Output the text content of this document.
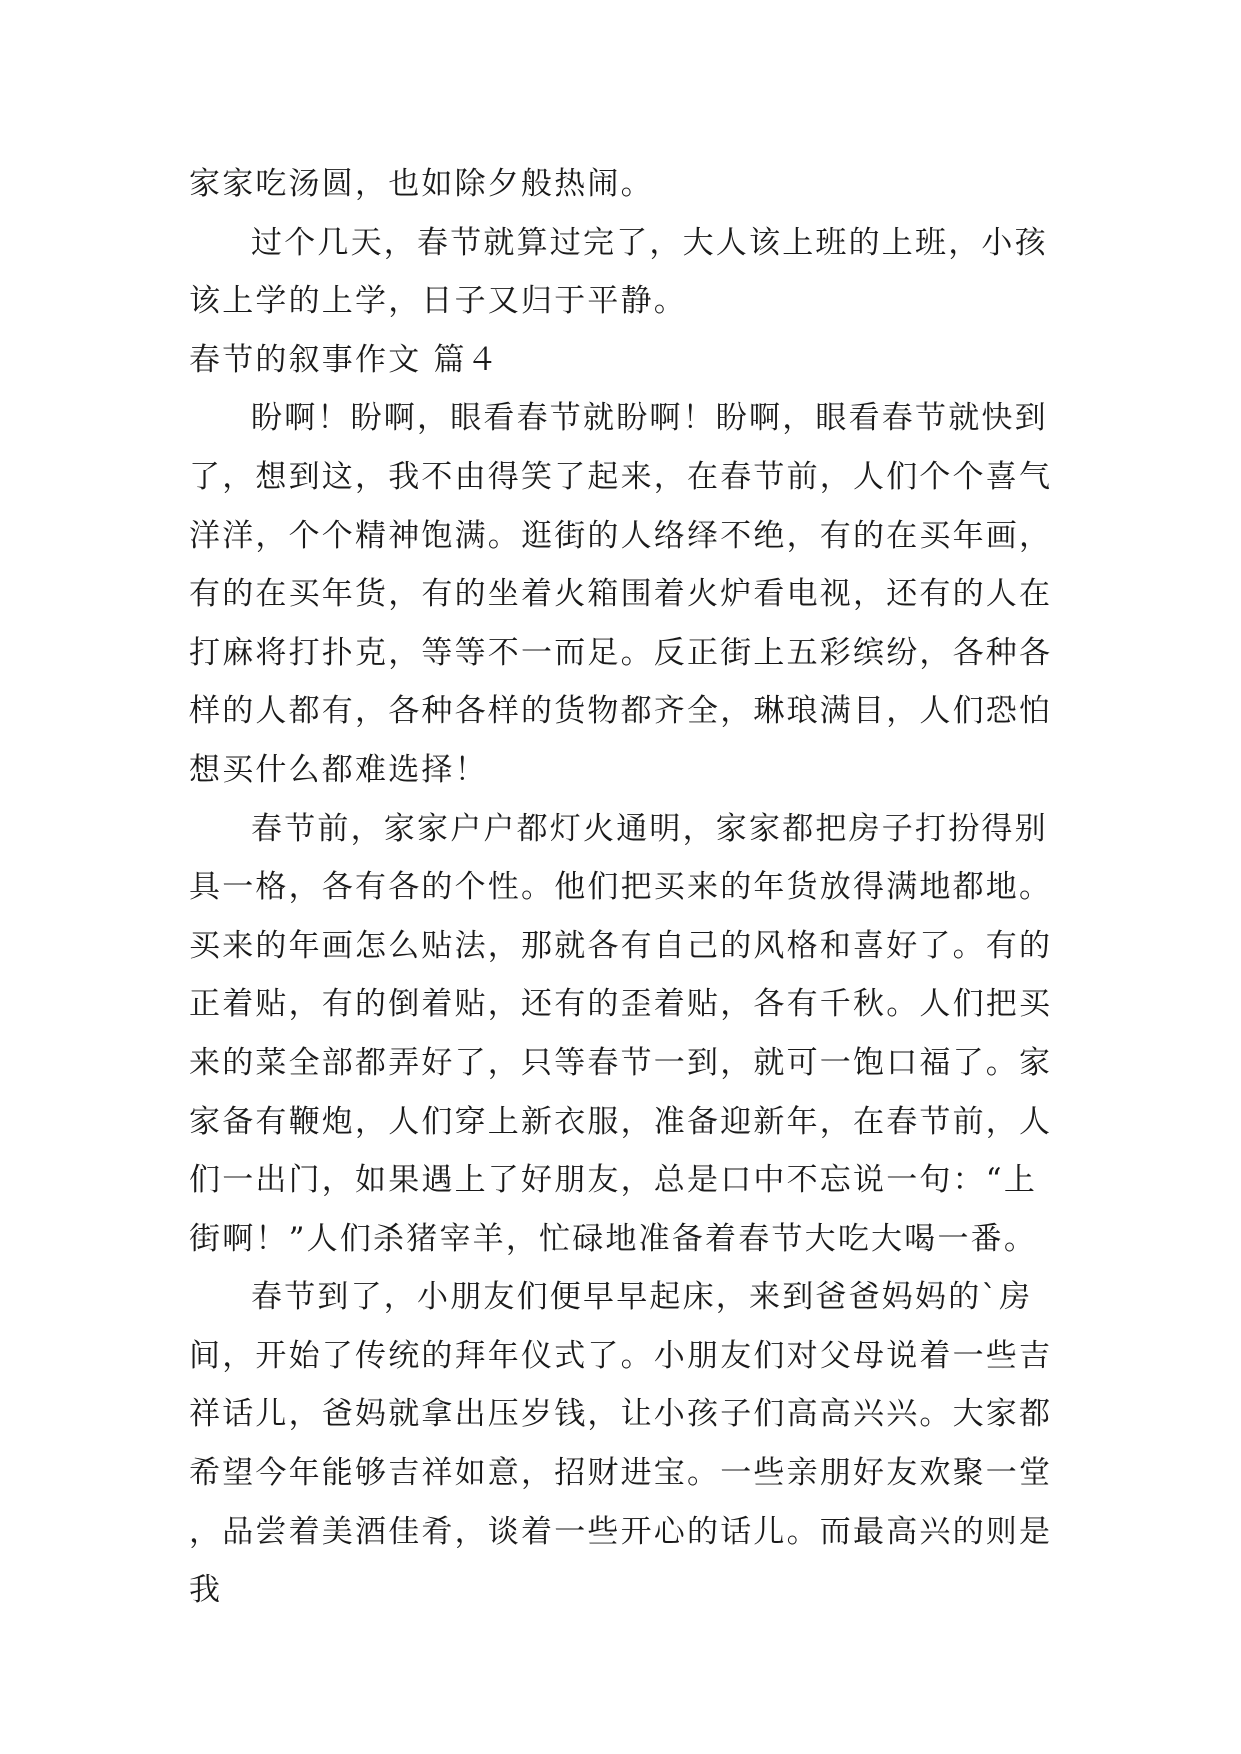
家家吃汤圆，也如除夕般热闹。

过个几天，春节就算过完了，大人该上班的上班，小孩该上学的上学，日子又归于平静。

春节的叙事作文 篇４

盼啊！盼啊，眼看春节就盼啊！盼啊，眼看春节就快到了，想到这，我不由得笑了起来，在春节前，人们个个喜气洋洋，个个精神饱满。逛街的人络绎不绝，有的在买年画，有的在买年货，有的坐着火箱围着火炉看电视，还有的人在打麻将打扑克，等等不一而足。反正街上五彩缤纷，各种各样的人都有，各种各样的货物都齐全，琳琅满目，人们恐怕想买什么都难选择！

春节前，家家户户都灯火通明，家家都把房子打扮得别具一格，各有各的个性。他们把买来的年货放得满地都地。买来的年画怎么贴法，那就各有自己的风格和喜好了。有的正着贴，有的倒着贴，还有的歪着贴，各有千秋。人们把买来的菜全部都弄好了，只等春节一到，就可一饱口福了。家家备有鞭炮，人们穿上新衣服，准备迎新年，在春节前，人们一出门，如果遇上了好朋友，总是口中不忘说一句：“上街啊！”人们杀猪宰羊，忙碌地准备着春节大吃大喝一番。

春节到了，小朋友们便早早起床，来到爸爸妈妈的`房间，开始了传统的拜年仪式了。小朋友们对父母说着一些吉祥话儿，爸妈就拿出压岁钱，让小孩子们高高兴兴。大家都希望今年能够吉祥如意，招财进宝。一些亲朋好友欢聚一堂，品尝着美酒佳肴，谈着一些开心的话儿。而最高兴的则是我
